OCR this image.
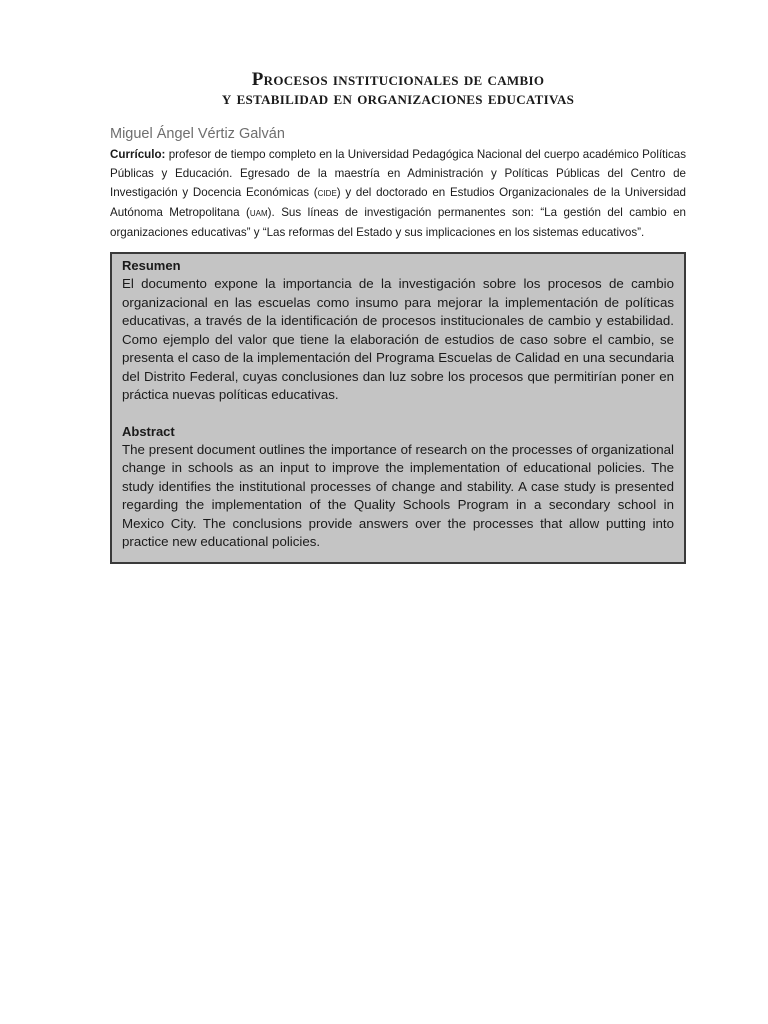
Procesos institucionales de cambio
y estabilidad en organizaciones educativas
Miguel Ángel Vértiz Galván

Currículo: profesor de tiempo completo en la Universidad Pedagógica Nacional del cuerpo académico Políticas Públicas y Educación. Egresado de la maestría en Administración y Políticas Públicas del Centro de Investigación y Docencia Económicas (cide) y del doctorado en Estudios Organizacionales de la Universidad Autónoma Metropolitana (uam). Sus líneas de investigación permanentes son: “La gestión del cambio en organizaciones educativas” y “Las reformas del Estado y sus implicaciones en los sistemas educativos”.

Resumen
El documento expone la importancia de la investigación sobre los procesos de cambio organizacional en las escuelas como insumo para mejorar la implementación de políticas educativas, a través de la identificación de procesos institucionales de cambio y estabilidad. Como ejemplo del valor que tiene la elaboración de estudios de caso sobre el cambio, se presenta el caso de la implementación del Programa Escuelas de Calidad en una secundaria del Distrito Federal, cuyas conclusiones dan luz sobre los procesos que permitirían poner en práctica nuevas políticas educativas.
Abstract
The present document outlines the importance of research on the processes of organizational change in schools as an input to improve the implementation of educational policies. The study identifies the institutional processes of change and stability. A case study is presented regarding the implementation of the Quality Schools Program in a secondary school in Mexico City. The conclusions provide answers over the processes that allow putting into practice new educational policies.
